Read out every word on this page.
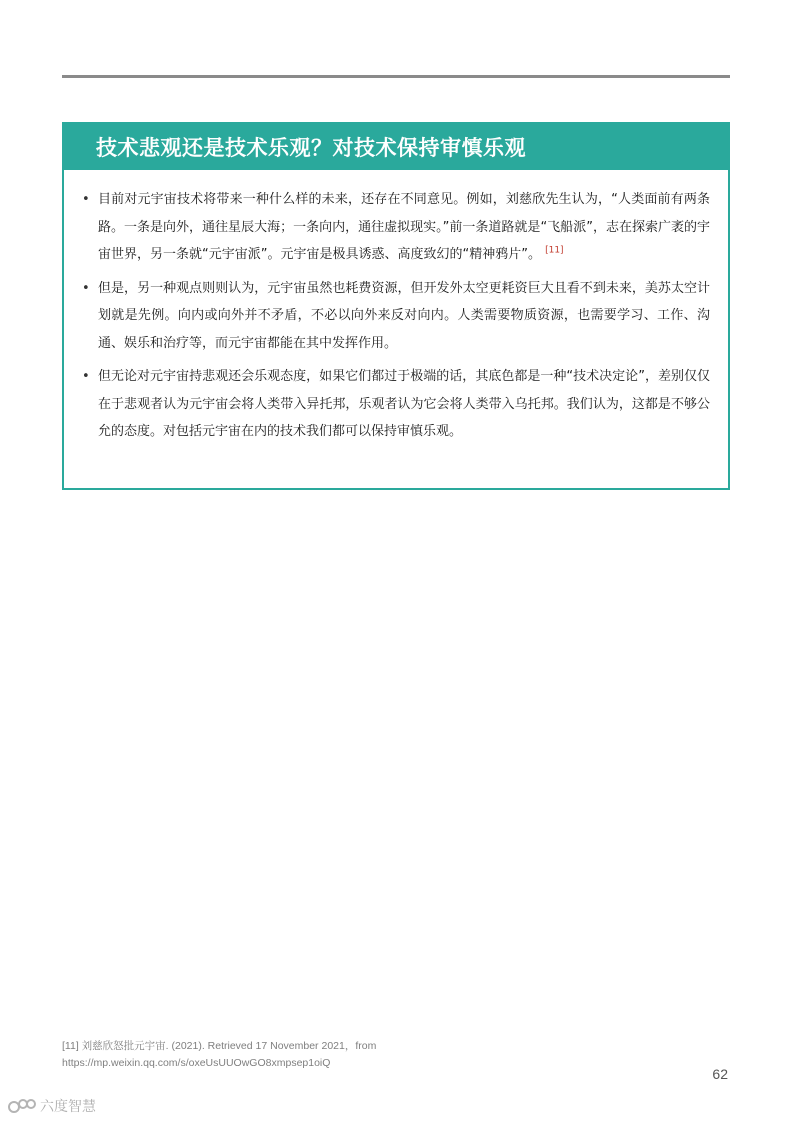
技术悲观还是技术乐观？对技术保持审慎乐观
• 目前对元宇宙技术将带来一种什么样的未来，还存在不同意见。例如，刘慈欣先生认为，“人类面前有两条路。一条是向外，通往星辰大海；一条向内，通往虚拟现实。”前一条道路就是“飞船派”，志在探索广袤的宇宙世界，另一条就“元宇宙派”。元宇宙是极具诱惑、高度致幻的“精神鸦片”。 [11]
• 但是，另一种观点则则认为，元宇宙虽然也耗费资源，但开发外太空更耗资巨大且看不到未来，美苏太空计划就是先例。向内或向外并不矛盾，不必以向外来反对向内。人类需要物质资源，也需要学习、工作、沟通、娱乐和治疗等，而元宇宙都能在其中发挥作用。
• 但无论对元宇宙持悲观还会乐观态度，如果它们都过于极端的话，其底色都是一种“技术决定论”，差别仅仅在于悲观者认为元宇宙会将人类带入异托邦，乐观者认为它会将人类带入乌托邦。我们认为，这都是不够公允的态度。对包括元宇宙在内的技术我们都可以保持审慎乐观。
[11] 刘慈欣怒批元宇宙. (2021). Retrieved 17 November 2021，from
https://mp.weixin.qq.com/s/oxeUsUUOwGO8xmpsep1oiQ
62
六度智慧
